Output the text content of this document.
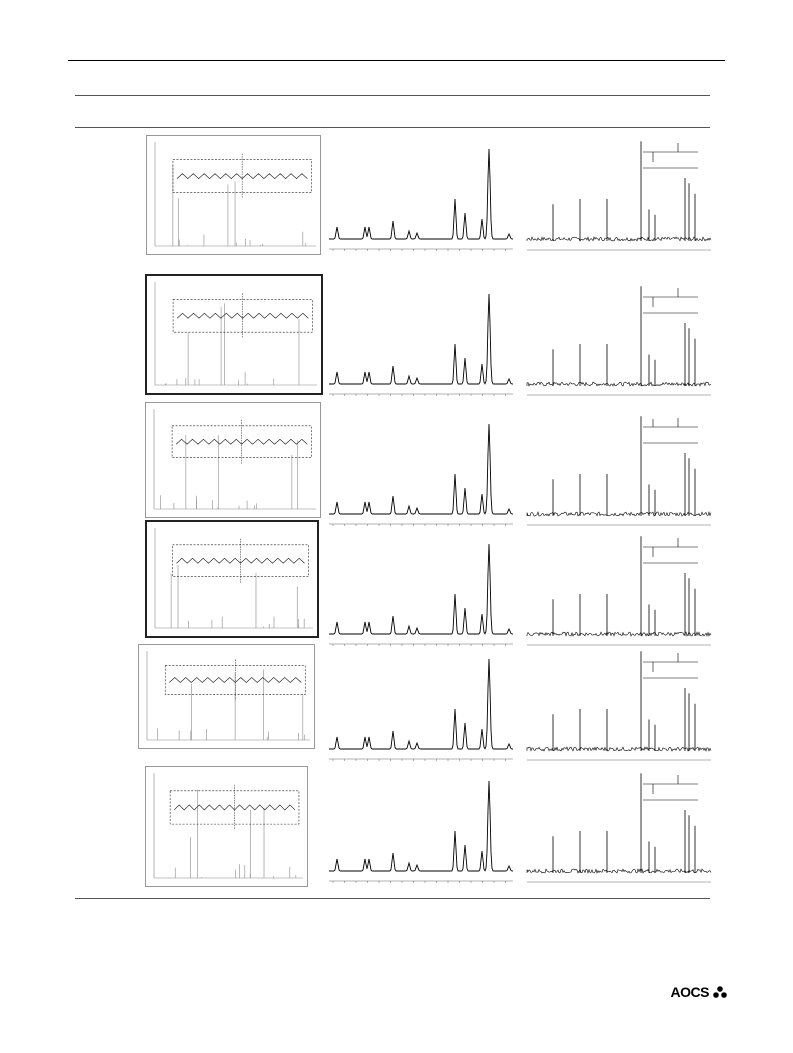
AOCS
